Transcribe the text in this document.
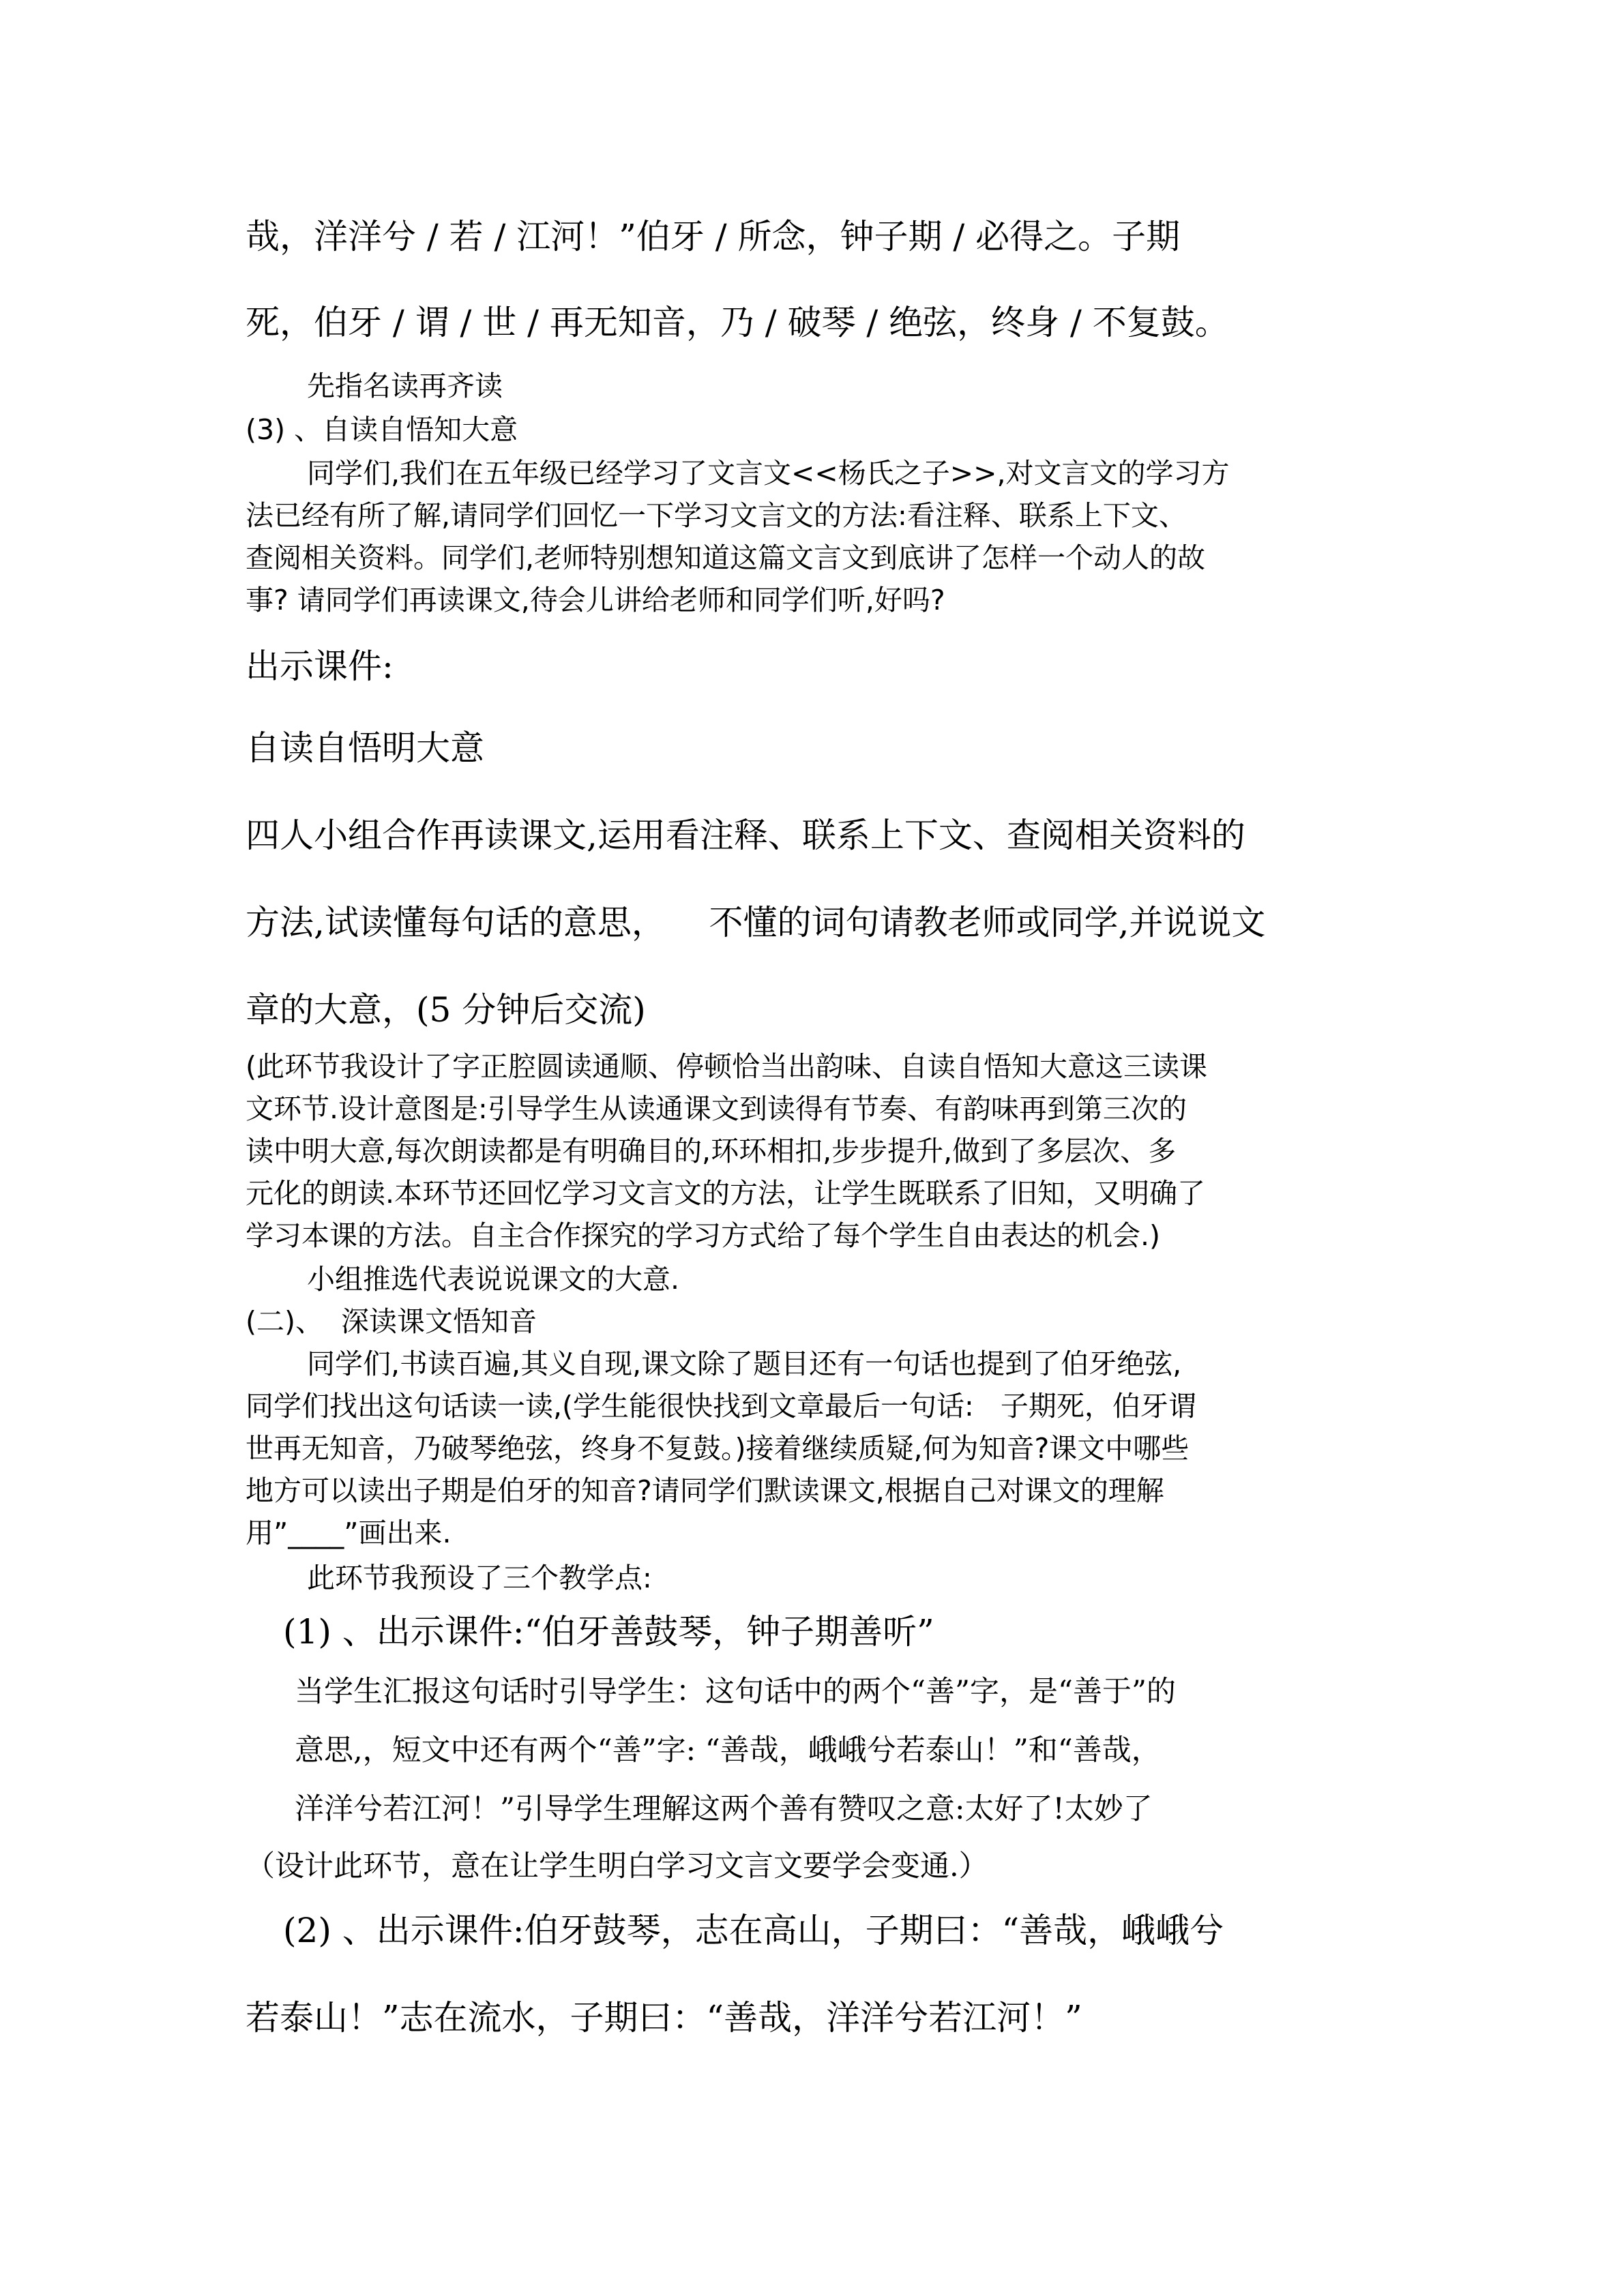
哉，洋洋兮 / 若 / 江河！”伯牙 / 所念，钟子期 / 必得之。子期
死，伯牙 / 谓 / 世 / 再无知音，乃 / 破琴 / 绝弦，终身 / 不复鼓。
先指名读再齐读
(3) 、自读自悟知大意
同学们,我们在五年级已经学习了文言文<<杨氏之子>>,对文言文的学习方
法已经有所了解,请同学们回忆一下学习文言文的方法:看注释、联系上下文、
查阅相关资料。同学们,老师特别想知道这篇文言文到底讲了怎样一个动人的故
事? 请同学们再读课文,待会儿讲给老师和同学们听,好吗?
出示课件:
自读自悟明大意
四人小组合作再读课文,运用看注释、联系上下文、查阅相关资料的
方法,试读懂每句话的意思，    不懂的词句请教老师或同学,并说说文
章的大意，(5 分钟后交流)
(此环节我设计了字正腔圆读通顺、停顿恰当出韵味、自读自悟知大意这三读课
文环节.设计意图是:引导学生从读通课文到读得有节奏、有韵味再到第三次的
读中明大意,每次朗读都是有明确目的,环环相扣,步步提升,做到了多层次、多
元化的朗读.本环节还回忆学习文言文的方法，让学生既联系了旧知，又明确了
学习本课的方法。自主合作探究的学习方式给了每个学生自由表达的机会.)
小组推选代表说说课文的大意.
(二)、  深读课文悟知音
同学们,书读百遍,其义自现,课文除了题目还有一句话也提到了伯牙绝弦,
同学们找出这句话读一读,(学生能很快找到文章最后一句话:   子期死，伯牙谓
世再无知音，乃破琴绝弦，终身不复鼓。)接着继续质疑,何为知音?课文中哪些
地方可以读出子期是伯牙的知音?请同学们默读课文,根据自己对课文的理解
用”____”画出来.
此环节我预设了三个教学点:
(1) 、出示课件:“伯牙善鼓琴，钟子期善听”
当学生汇报这句话时引导学生：这句话中的两个“善”字，是“善于”的
意思,，短文中还有两个“善”字: “善哉，峨峨兮若泰山！”和“善哉，
洋洋兮若江河！”引导学生理解这两个善有赞叹之意:太好了!太妙了
（设计此环节，意在让学生明白学习文言文要学会变通.）
(2) 、出示课件:伯牙鼓琴，志在高山，子期曰：“善哉，峨峨兮
若泰山！”志在流水，子期曰：“善哉，洋洋兮若江河！”
